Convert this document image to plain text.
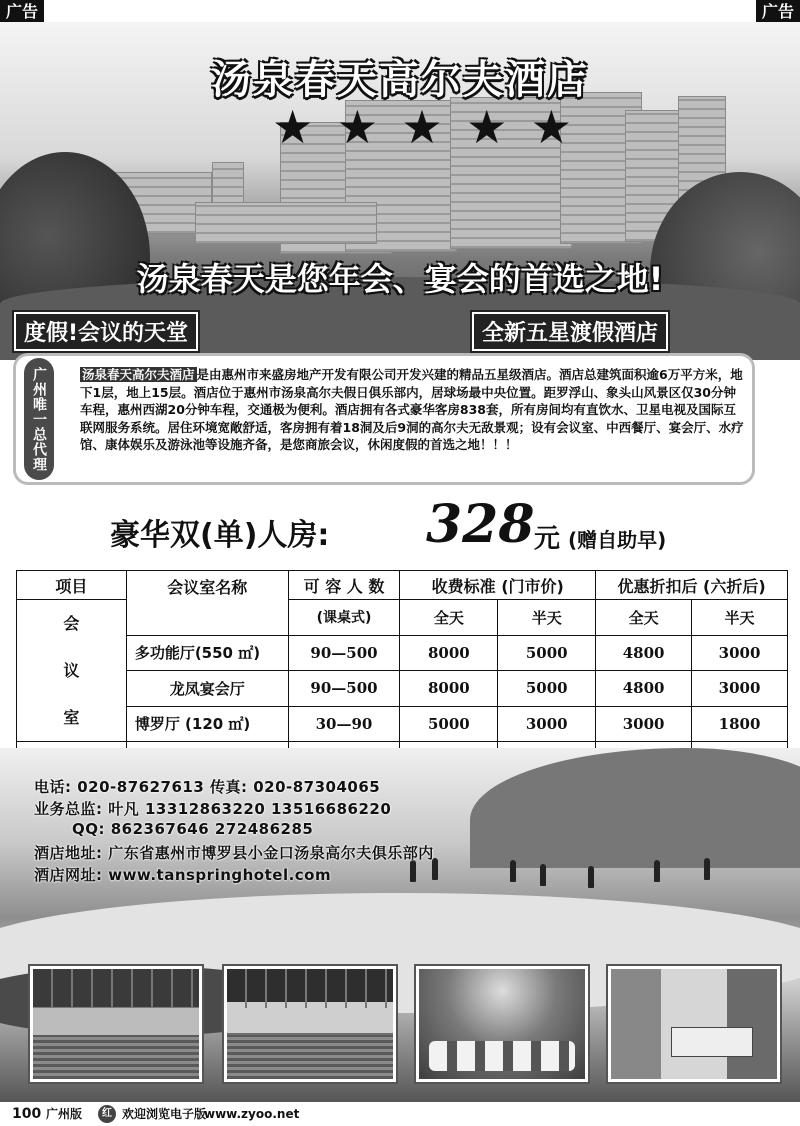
广告	广告
汤泉春天高尔夫酒店
★ ★ ★ ★ ★
汤泉春天是您年会、宴会的首选之地!
度假!会议的天堂	全新五星渡假酒店
广州唯一总代理	汤泉春天高尔夫酒店 是由惠州市来盛房地产开发有限公司开发兴建的精品五星级酒店。酒店总建筑面积逾6万平方米，地下1层，地上15层。酒店位于惠州市汤泉高尔夫假日俱乐部内，居球场最中央位置。距罗浮山、象头山风景区仅30分钟车程，惠州西湖20分钟车程，交通极为便利。酒店拥有各式豪华客房838套，所有房间均有直饮水、卫星电视及国际互联网服务系统。居住环境宽敞舒适，客房拥有着18洞及后9洞的高尔夫无敌景观；设有会议室、中西餐厅、宴会厅、水疗馆、康体娱乐及游泳池等设施齐备，是您商旅会议，休闲度假的首选之地！！！
豪华双(单)人房: 328 元 (赠自助早)
项目	会议室名称	可 容 人 数	收费标准 (门市价)		优惠折扣后 (六折后)	

会
议
室		(课桌式)	全天	半天	全天	半天
	多功能厅(550 ㎡)	90—500	8000	5000	4800	3000
	龙凤宴会厅	90—500	8000	5000	4800	3000
	博罗厅 (120 ㎡)	30—90	5000	3000	3000	1800

电话: 020-87627613 传真: 020-87304065
业务总监: 叶凡 13312863220 13516686220
QQ: 862367646 272486285
酒店地址: 广东省惠州市博罗县小金口汤泉高尔夫俱乐部内
酒店网址: www.tanspringhotel.com
100 广州版	红 欢迎浏览电子版
www.zyoo.net
